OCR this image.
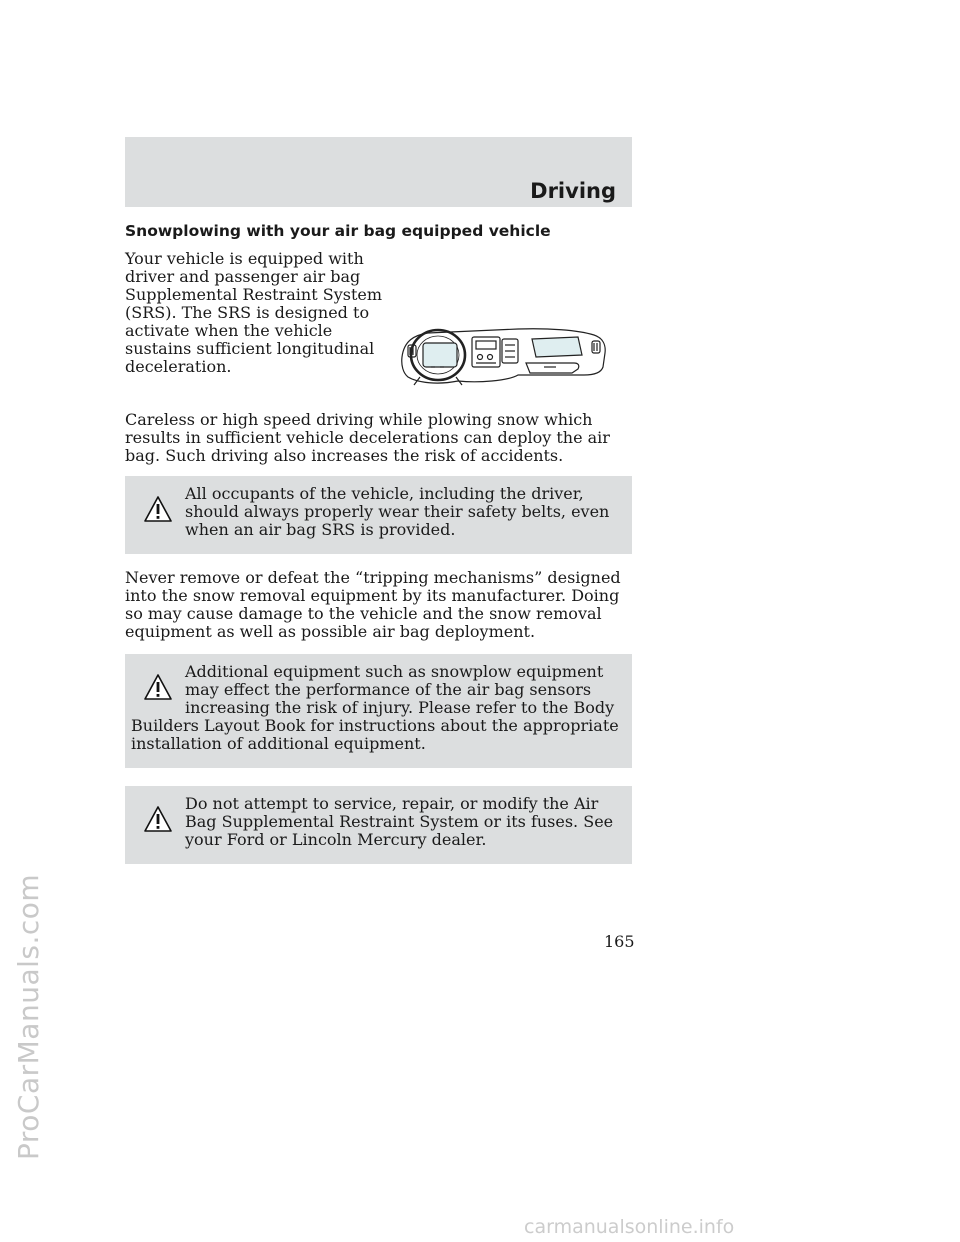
ProCarManuals.com
Driving
Snowplowing with your air bag equipped vehicle

Your vehicle is equipped with driver and passenger air bag Supplemental Restraint System (SRS). The SRS is designed to activate when the vehicle sustains sufficient longitudinal deceleration.

Careless or high speed driving while plowing snow which results in sufficient vehicle decelerations can deploy the air bag. Such driving also increases the risk of accidents.

All occupants of the vehicle, including the driver, should always properly wear their safety belts, even when an air bag SRS is provided.

Never remove or defeat the “tripping mechanisms” designed into the snow removal equipment by its manufacturer. Doing so may cause damage to the vehicle and the snow removal equipment as well as possible air bag deployment.

Additional equipment such as snowplow equipment may effect the performance of the air bag sensors increasing the risk of injury. Please refer to the Body Builders Layout Book for instructions about the appropriate installation of additional equipment.
Do not attempt to service, repair, or modify the Air Bag Supplemental Restraint System or its fuses. See your Ford or Lincoln Mercury dealer.
165
carmanualsonline.info
